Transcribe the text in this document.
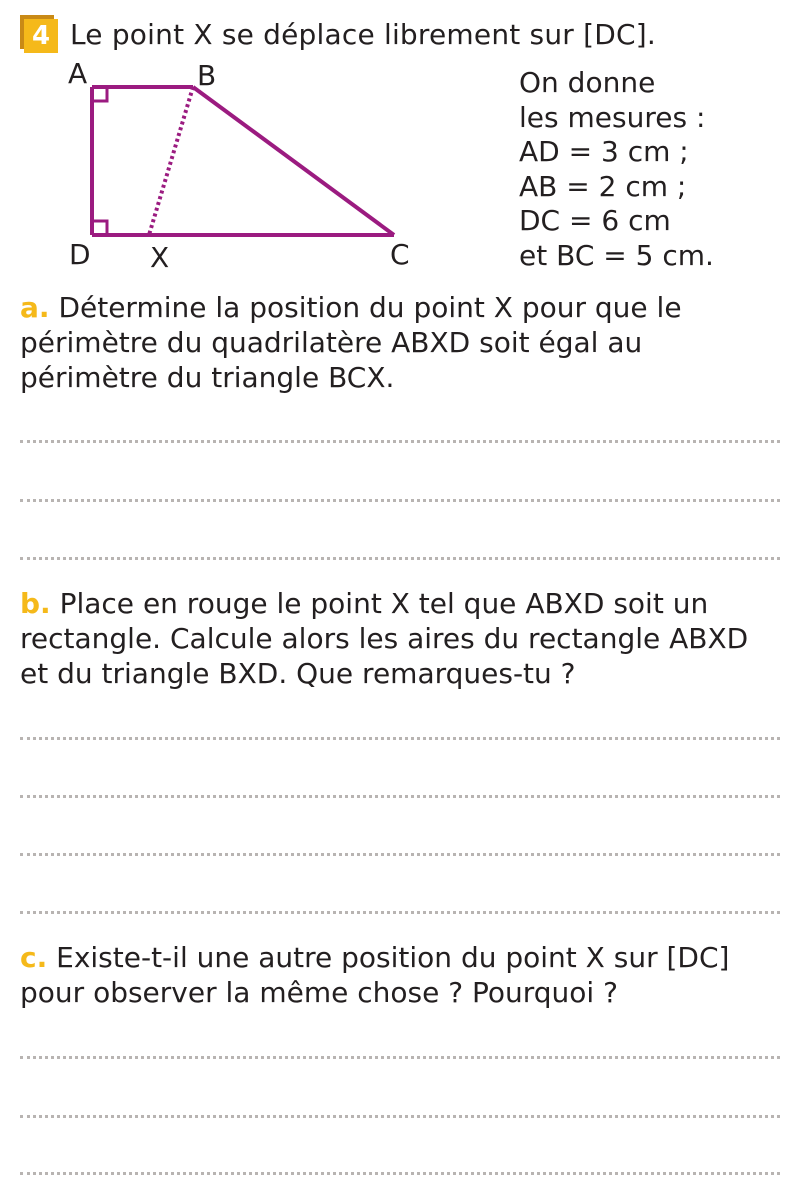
4 Le point X se déplace librement sur [DC].
A	B
D X	C
On donne
les mesures :
AD = 3 cm ;
AB = 2 cm ;
DC = 6 cm
et BC = 5 cm.
a. Détermine la position du point X pour que le
périmètre du quadrilatère ABXD soit égal au
périmètre du triangle BCX.
b. Place en rouge le point X tel que ABXD soit un
rectangle. Calcule alors les aires du rectangle ABXD
et du triangle BXD. Que remarques-tu ?
c. Existe-t-il une autre position du point X sur [DC]
pour observer la même chose ? Pourquoi ?
